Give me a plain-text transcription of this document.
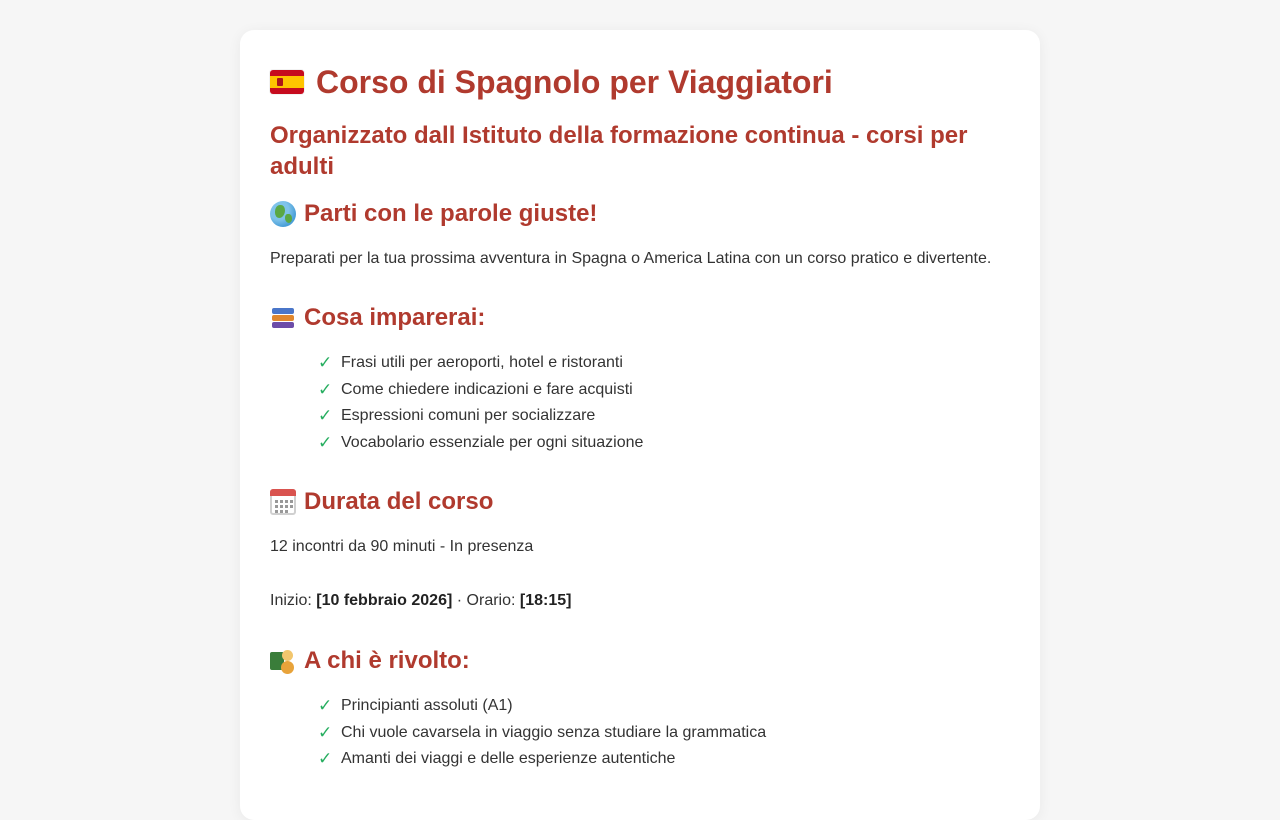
Corso di Spagnolo per Viaggiatori
Organizzato dall Istituto della formazione continua - corsi per adulti
Parti con le parole giuste!

Preparati per la tua prossima avventura in Spagna o America Latina con un corso pratico e divertente.

Cosa imparerai:
✓ Frasi utili per aeroporti, hotel e ristoranti
✓ Come chiedere indicazioni e fare acquisti
✓ Espressioni comuni per socializzare
✓ Vocabolario essenziale per ogni situazione
Durata del corso

12 incontri da 90 minuti - In presenza

Inizio: [10 febbraio 2026] · Orario: [18:15]

A chi è rivolto:
✓ Principianti assoluti (A1)
✓ Chi vuole cavarsela in viaggio senza studiare la grammatica
✓ Amanti dei viaggi e delle esperienze autentiche
